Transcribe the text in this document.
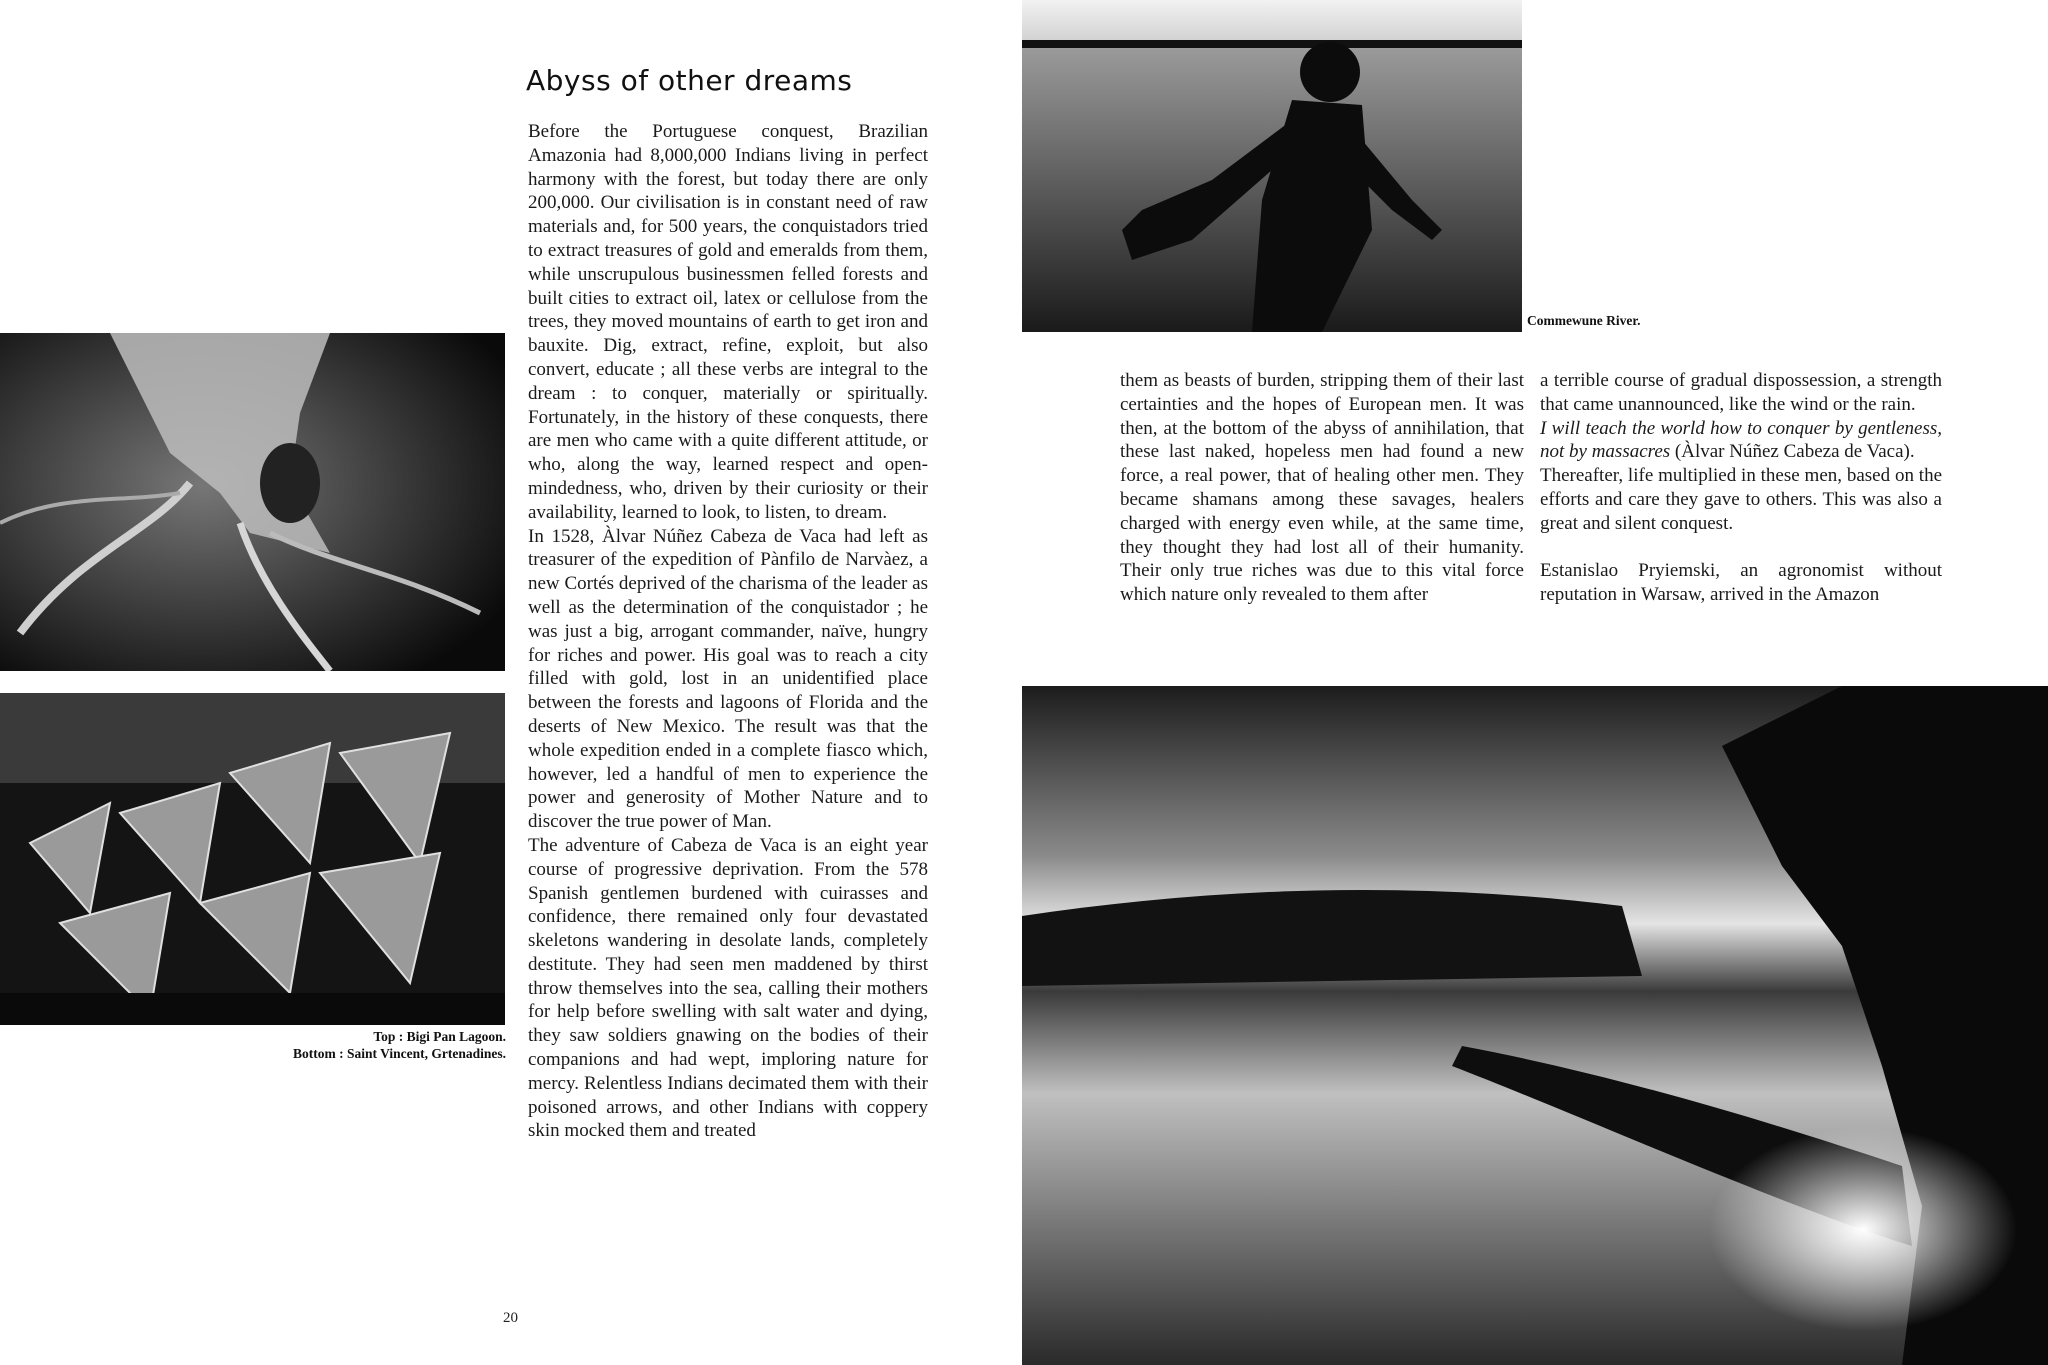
Top : Bigi Pan Lagoon.
Bottom : Saint Vincent, Grtenadines.
Abyss of other dreams

Before the Portuguese conquest, Brazilian Amazonia had 8,000,000 Indians living in perfect harmony with the forest, but today there are only 200,000. Our civilisation is in constant need of raw materials and, for 500 years, the conquistadors tried to extract treasures of gold and emeralds from them, while unscrupulous businessmen felled forests and built cities to extract oil, latex or cellulose from the trees, they moved mountains of earth to get iron and bauxite. Dig, extract, refine, exploit, but also convert, educate ; all these verbs are integral to the dream : to conquer, materially or spiritually. Fortunately, in the history of these conquests, there are men who came with a quite different attitude, or who, along the way, learned respect and open-mindedness, who, driven by their curiosity or their availability, learned to look, to listen, to dream.

In 1528, Àlvar Núñez Cabeza de Vaca had left as treasurer of the expedition of Pànfilo de Narvàez, a new Cortés deprived of the charisma of the leader as well as the determination of the conquistador ; he was just a big, arrogant commander, naïve, hungry for riches and power. His goal was to reach a city filled with gold, lost in an unidentified place between the forests and lagoons of Florida and the deserts of New Mexico. The result was that the whole expedition ended in a complete fiasco which, however, led a handful of men to experience the power and generosity of Mother Nature and to discover the true power of Man.

The adventure of Cabeza de Vaca is an eight year course of progressive deprivation. From the 578 Spanish gentlemen burdened with cuirasses and confidence, there remained only four devastated skeletons wandering in desolate lands, completely destitute. They had seen men maddened by thirst throw themselves into the sea, calling their mothers for help before swelling with salt water and dying, they saw soldiers gnawing on the bodies of their companions and had wept, imploring nature for mercy. Relentless Indians decimated them with their poisoned arrows, and other Indians with coppery skin mocked them and treated

20
Commewune River.

them as beasts of burden, stripping them of their last certainties and the hopes of European men. It was then, at the bottom of the abyss of annihilation, that these last naked, hopeless men had found a new force, a real power, that of healing other men. They became shamans among these savages, healers charged with energy even while, at the same time, they thought they had lost all of their humanity. Their only true riches was due to this vital force which nature only revealed to them after

a terrible course of gradual dispossession, a strength that came unannounced, like the wind or the rain.

I will teach the world how to conquer by gentleness, not by massacres (Àlvar Núñez Cabeza de Vaca).

Thereafter, life multiplied in these men, based on the efforts and care they gave to others. This was also a great and silent conquest.

Estanislao Pryiemski, an agronomist without reputation in Warsaw, arrived in the Amazon
